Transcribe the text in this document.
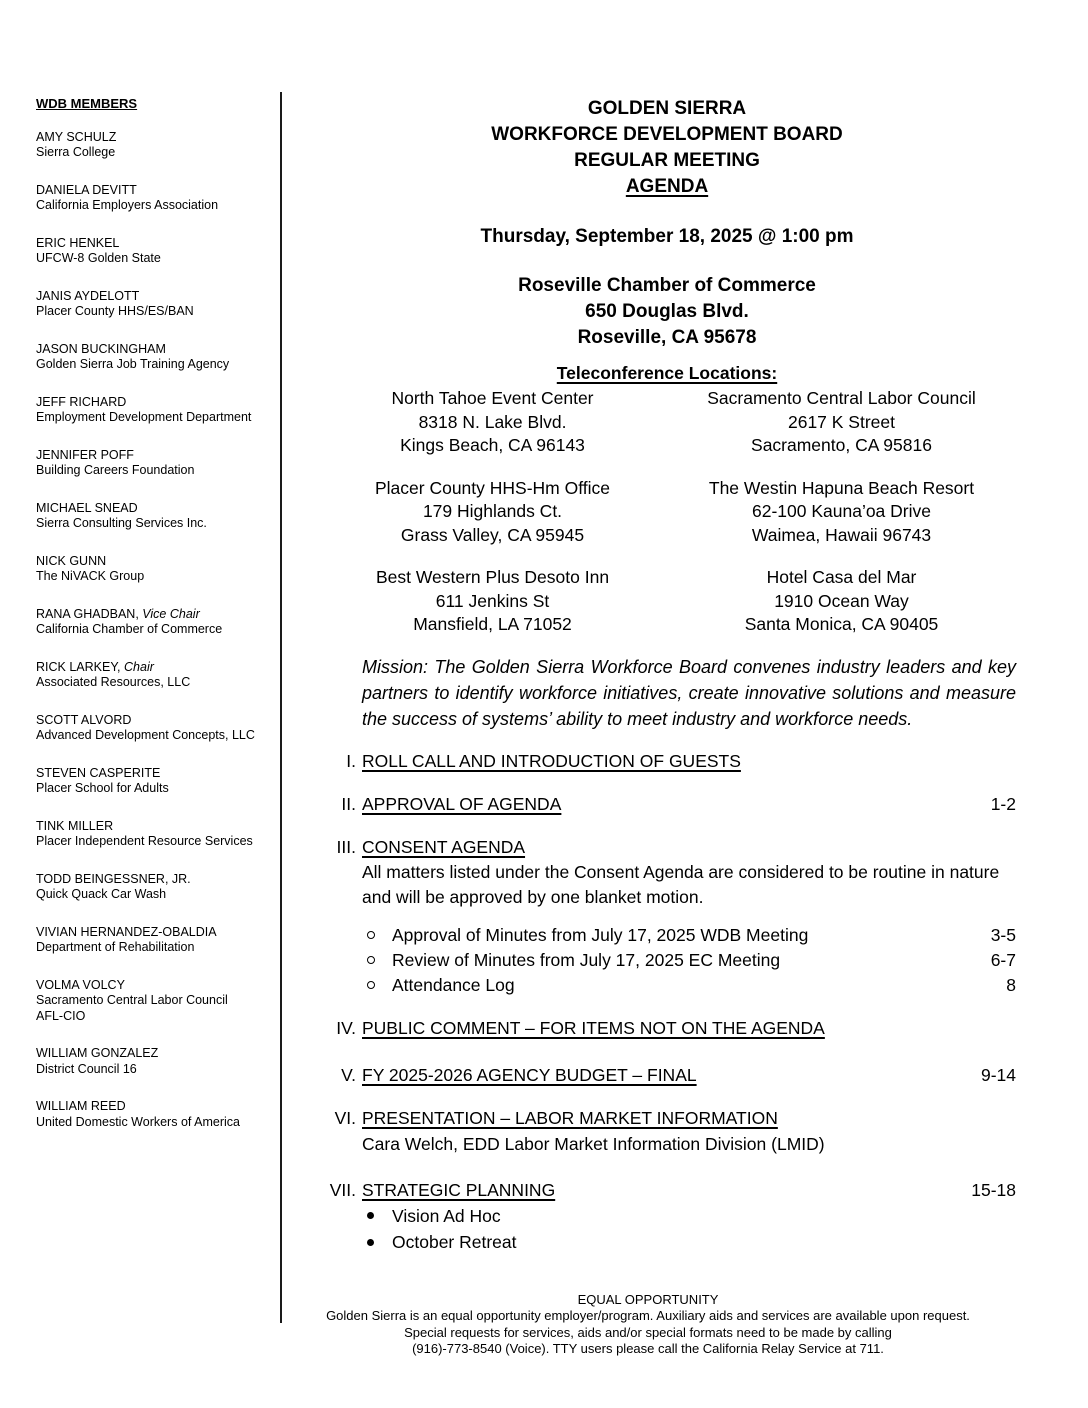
WDB MEMBERS
AMY SCHULZ
Sierra College
DANIELA DEVITT
California Employers Association
ERIC HENKEL
UFCW-8 Golden State
JANIS AYDELOTT
Placer County HHS/ES/BAN
JASON BUCKINGHAM
Golden Sierra Job Training Agency
JEFF RICHARD
Employment Development Department
JENNIFER POFF
Building Careers Foundation
MICHAEL SNEAD
Sierra Consulting Services Inc.
NICK GUNN
The NiVACK Group
RANA GHADBAN, Vice Chair
California Chamber of Commerce
RICK LARKEY, Chair
Associated Resources, LLC
SCOTT ALVORD
Advanced Development Concepts, LLC
STEVEN CASPERITE
Placer School for Adults
TINK MILLER
Placer Independent Resource Services
TODD BEINGESSNER, JR.
Quick Quack Car Wash
VIVIAN HERNANDEZ-OBALDIA
Department of Rehabilitation
VOLMA VOLCY
Sacramento Central Labor Council
AFL-CIO
WILLIAM GONZALEZ
District Council 16
WILLIAM REED
United Domestic Workers of America
GOLDEN SIERRA
WORKFORCE DEVELOPMENT BOARD
REGULAR MEETING
AGENDA
Thursday, September 18, 2025 @ 1:00 pm
Roseville Chamber of Commerce
650 Douglas Blvd.
Roseville, CA 95678
Teleconference Locations:
North Tahoe Event Center
8318 N. Lake Blvd.
Kings Beach, CA 96143
Sacramento Central Labor Council
2617 K Street
Sacramento, CA 95816
Placer County HHS-Hm Office
179 Highlands Ct.
Grass Valley, CA 95945
The Westin Hapuna Beach Resort
62-100 Kauna’oa Drive
Waimea, Hawaii 96743
Best Western Plus Desoto Inn
611 Jenkins St
Mansfield, LA 71052
Hotel Casa del Mar
1910 Ocean Way
Santa Monica, CA 90405

Mission: The Golden Sierra Workforce Board convenes industry leaders and key partners to identify workforce initiatives, create innovative solutions and measure the success of systems’ ability to meet industry and workforce needs.

I. ROLL CALL AND INTRODUCTION OF GUESTS
II. APPROVAL OF AGENDA	1-2
III. CONSENT AGENDA
All matters listed under the Consent Agenda are considered to be routine in nature and will be approved by one blanket motion.
Approval of Minutes from July 17, 2025 WDB Meeting	3-5
Review of Minutes from July 17, 2025 EC Meeting	6-7
Attendance Log	8
IV. PUBLIC COMMENT – FOR ITEMS NOT ON THE AGENDA
V. FY 2025-2026 AGENCY BUDGET – FINAL	9-14
VI. PRESENTATION – LABOR MARKET INFORMATION
Cara Welch, EDD Labor Market Information Division (LMID)
VII. STRATEGIC PLANNING	15-18
Vision Ad Hoc
October Retreat
EQUAL OPPORTUNITY
Golden Sierra is an equal opportunity employer/program. Auxiliary aids and services are available upon request.
Special requests for services, aids and/or special formats need to be made by calling
(916)-773-8540 (Voice). TTY users please call the California Relay Service at 711.
